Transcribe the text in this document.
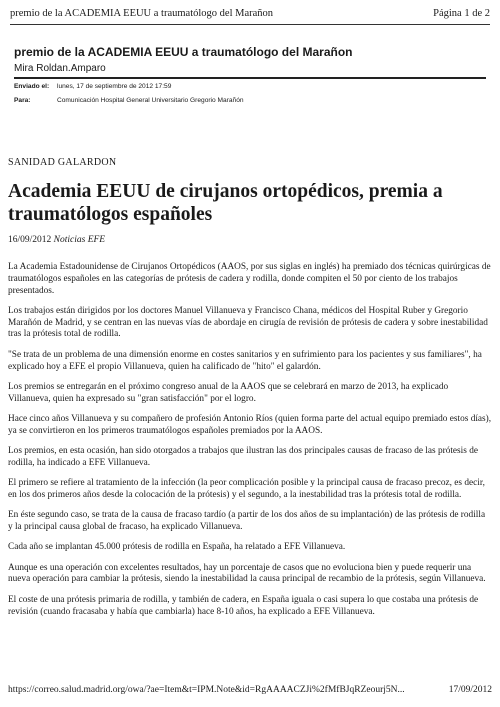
premio de la ACADEMIA EEUU a traumatólogo del Marañon	Página 1 de 2
premio de la ACADEMIA EEUU a traumatólogo del Marañon
Mira Roldan.Amparo
Enviado el:	lunes, 17 de septiembre de 2012 17:59
Para:	Comunicación Hospital General Universitario Gregorio Marañón
SANIDAD GALARDON
Academia EEUU de cirujanos ortopédicos, premia a traumatólogos españoles
16/09/2012 Noticias EFE

La Academia Estadounidense de Cirujanos Ortopédicos (AAOS, por sus siglas en inglés) ha premiado dos técnicas quirúrgicas de traumatólogos españoles en las categorías de prótesis de cadera y rodilla, donde compiten el 50 por ciento de los trabajos presentados.

Los trabajos están dirigidos por los doctores Manuel Villanueva y Francisco Chana, médicos del Hospital Ruber y Gregorio Marañón de Madrid, y se centran en las nuevas vías de abordaje en cirugía de revisión de prótesis de cadera y sobre inestabilidad tras la prótesis total de rodilla.

"Se trata de un problema de una dimensión enorme en costes sanitarios y en sufrimiento para los pacientes y sus familiares", ha explicado hoy a EFE el propio Villanueva, quien ha calificado de "hito" el galardón.

Los premios se entregarán en el próximo congreso anual de la AAOS que se celebrará en marzo de 2013, ha explicado Villanueva, quien ha expresado su "gran satisfacción" por el logro.

Hace cinco años Villanueva y su compañero de profesión Antonio Ríos (quien forma parte del actual equipo premiado estos días), ya se convirtieron en los primeros traumatólogos españoles premiados por la AAOS.

Los premios, en esta ocasión, han sido otorgados a trabajos que ilustran las dos principales causas de fracaso de las prótesis de rodilla, ha indicado a EFE Villanueva.

El primero se refiere al tratamiento de la infección (la peor complicación posible y la principal causa de fracaso precoz, es decir, en los dos primeros años desde la colocación de la prótesis) y el segundo, a la inestabilidad tras la prótesis total de rodilla.

En éste segundo caso, se trata de la causa de fracaso tardío (a partir de los dos años de su implantación) de las prótesis de rodilla y la principal causa global de fracaso, ha explicado Villanueva.

Cada año se implantan 45.000 prótesis de rodilla en España, ha relatado a EFE Villanueva.

Aunque es una operación con excelentes resultados, hay un porcentaje de casos que no evoluciona bien y puede requerir una nueva operación para cambiar la prótesis, siendo la inestabilidad la causa principal de recambio de la prótesis, según Villanueva.

El coste de una prótesis primaria de rodilla, y también de cadera, en España iguala o casi supera lo que costaba una prótesis de revisión (cuando fracasaba y había que cambiarla) hace 8-10 años, ha explicado a EFE Villanueva.

https://correo.salud.madrid.org/owa/?ae=Item&t=IPM.Note&id=RgAAAACZJi%2fMfBJqRZeourj5N...	17/09/2012
